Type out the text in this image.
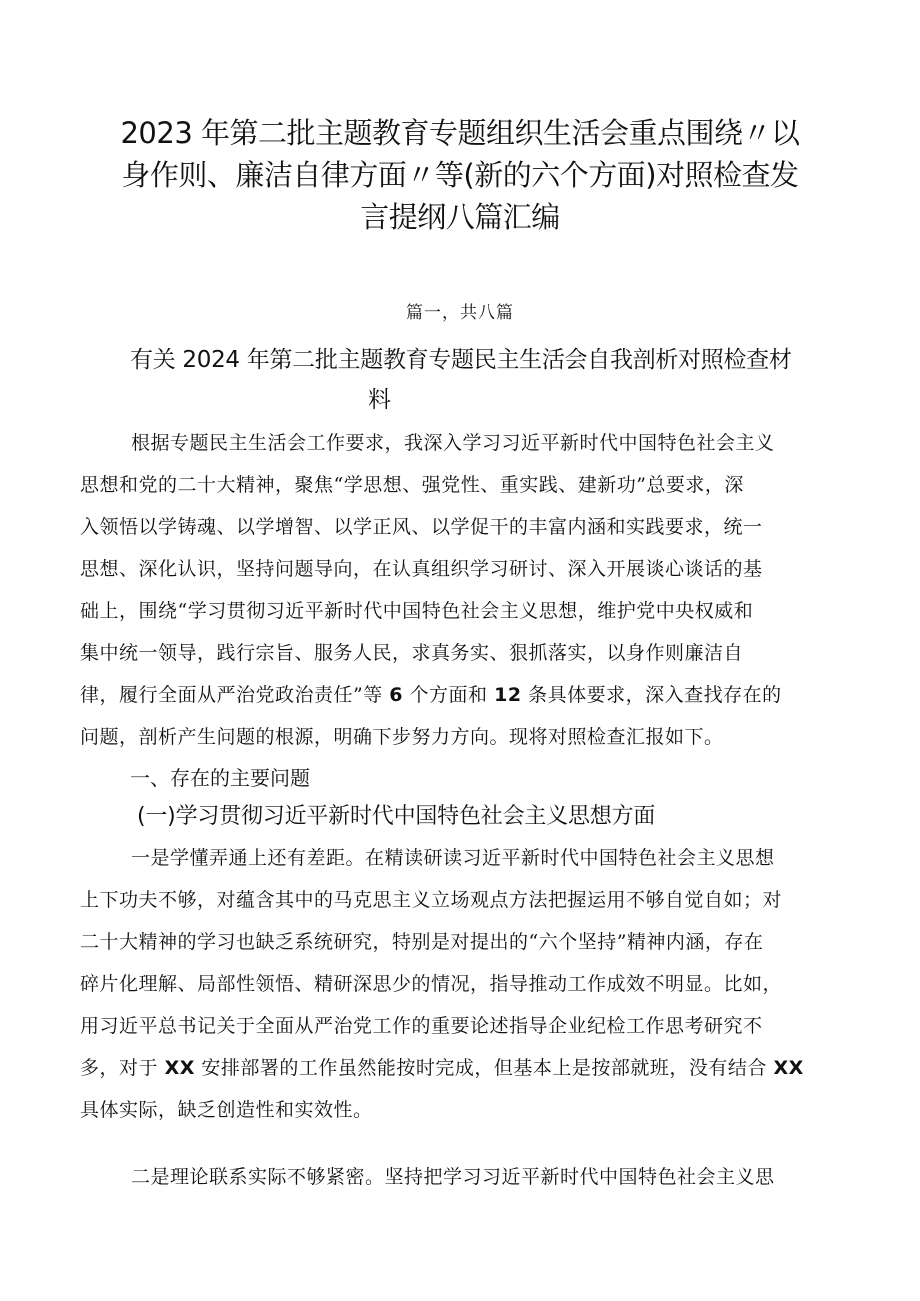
2023 年第二批主题教育专题组织生活会重点围绕〃以
身作则、廉洁自律方面〃等(新的六个方面)对照检查发
言提纲八篇汇编
篇一，共八篇
有关 2024 年第二批主题教育专题民主生活会自我剖析对照检查材
料
根据专题民主生活会工作要求，我深入学习习近平新时代中国特色社会主义
思想和党的二十大精神，聚焦“学思想、强党性、重实践、建新功”总要求，深
入领悟以学铸魂、以学增智、以学正风、以学促干的丰富内涵和实践要求，统一
思想、深化认识，坚持问题导向，在认真组织学习研讨、深入开展谈心谈话的基
础上，围绕“学习贯彻习近平新时代中国特色社会主义思想，维护党中央权威和
集中统一领导，践行宗旨、服务人民，求真务实、狠抓落实，以身作则廉洁自
律，履行全面从严治党政治责任”等 6 个方面和 12 条具体要求，深入查找存在的
问题，剖析产生问题的根源，明确下步努力方向。现将对照检查汇报如下。
一、存在的主要问题
(一)学习贯彻习近平新时代中国特色社会主义思想方面
一是学懂弄通上还有差距。在精读研读习近平新时代中国特色社会主义思想
上下功夫不够，对蕴含其中的马克思主义立场观点方法把握运用不够自觉自如；对
二十大精神的学习也缺乏系统研究，特别是对提出的“六个坚持”精神内涵，存在
碎片化理解、局部性领悟、精研深思少的情况，指导推动工作成效不明显。比如，
用习近平总书记关于全面从严治党工作的重要论述指导企业纪检工作思考研究不
多，对于 XX 安排部署的工作虽然能按时完成，但基本上是按部就班，没有结合 XX
具体实际，缺乏创造性和实效性。
二是理论联系实际不够紧密。坚持把学习习近平新时代中国特色社会主义思
